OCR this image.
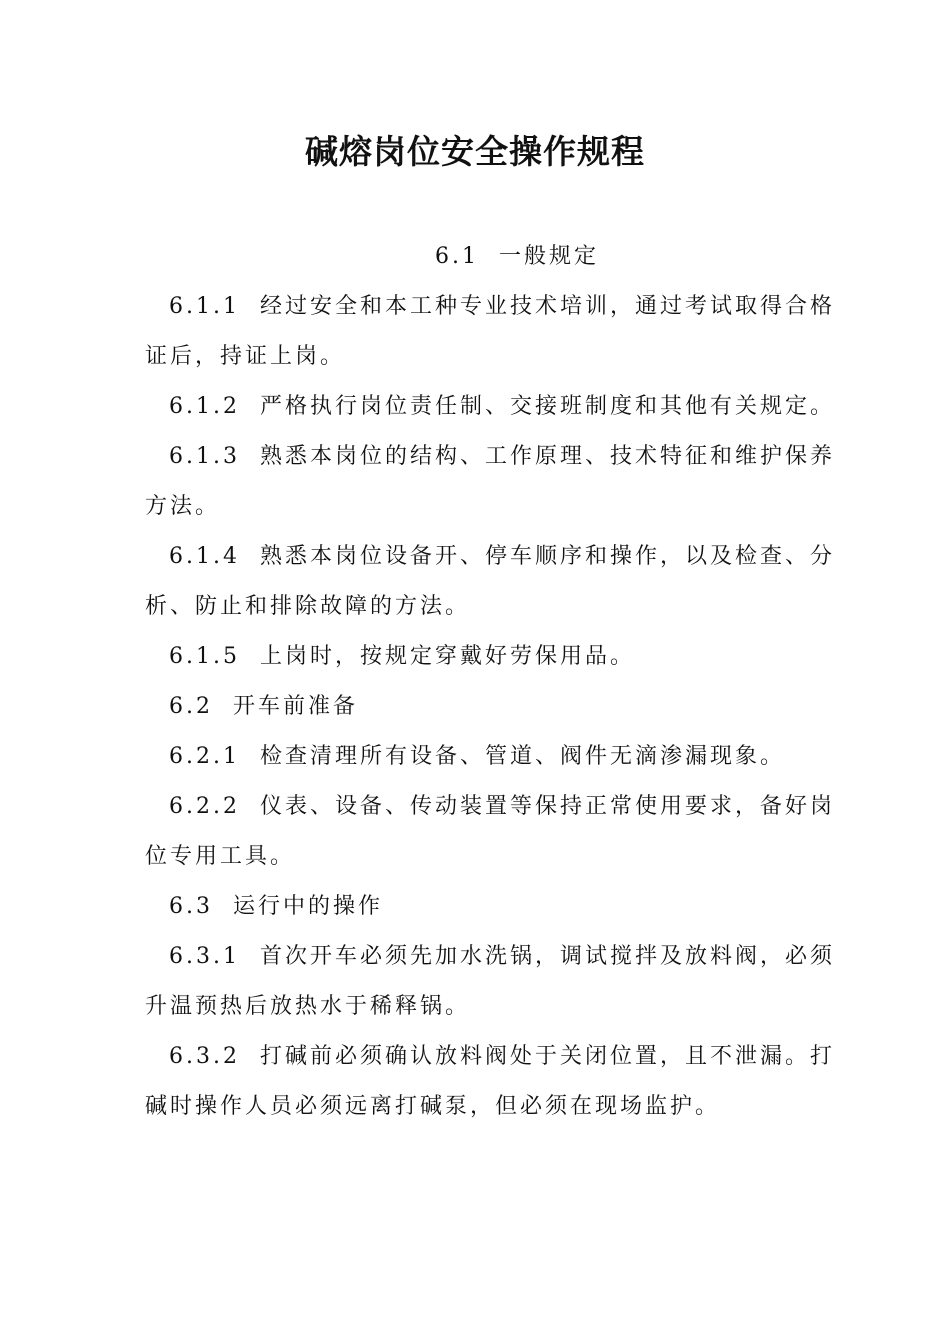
碱熔岗位安全操作规程

6.1 一般规定

6.1.1 经过安全和本工种专业技术培训，通过考试取得合格证后，持证上岗。

6.1.2 严格执行岗位责任制、交接班制度和其他有关规定。

6.1.3 熟悉本岗位的结构、工作原理、技术特征和维护保养方法。

6.1.4 熟悉本岗位设备开、停车顺序和操作，以及检查、分析、防止和排除故障的方法。

6.1.5 上岗时，按规定穿戴好劳保用品。

6.2 开车前准备

6.2.1 检查清理所有设备、管道、阀件无滴渗漏现象。

6.2.2 仪表、设备、传动装置等保持正常使用要求，备好岗位专用工具。

6.3 运行中的操作

6.3.1 首次开车必须先加水洗锅，调试搅拌及放料阀，必须升温预热后放热水于稀释锅。

6.3.2 打碱前必须确认放料阀处于关闭位置，且不泄漏。打碱时操作人员必须远离打碱泵，但必须在现场监护。
